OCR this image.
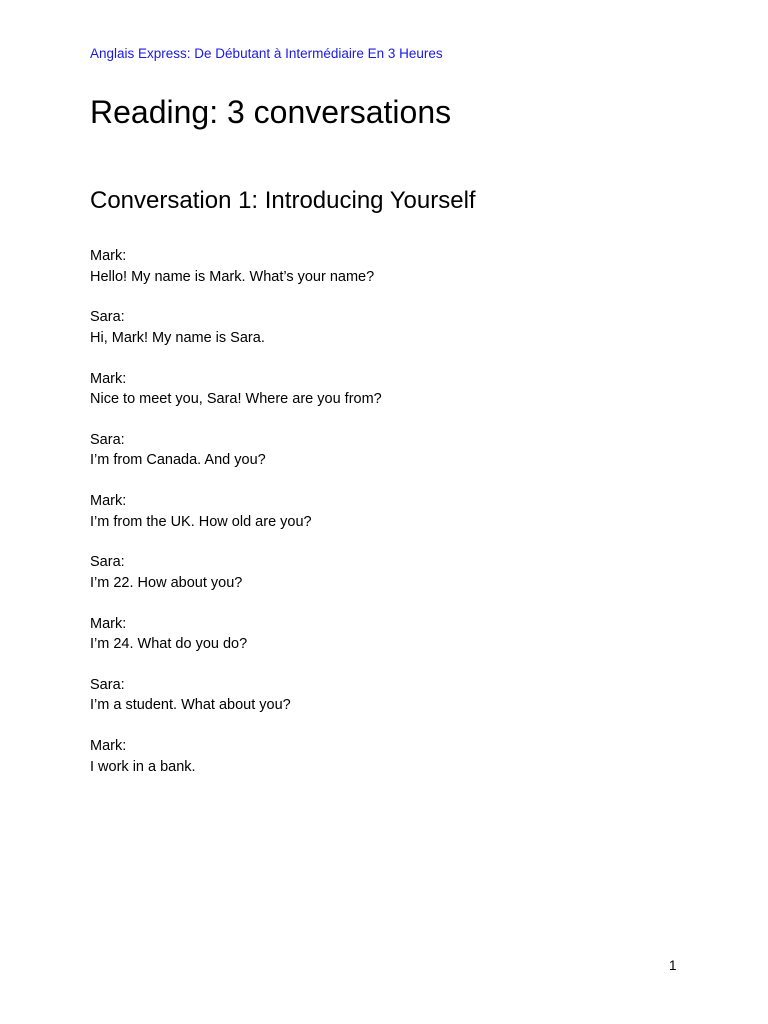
Anglais Express: De Débutant à Intermédiaire En 3 Heures
Reading: 3 conversations
Conversation 1: Introducing Yourself
Mark:
Hello! My name is Mark. What’s your name?
Sara:
Hi, Mark! My name is Sara.
Mark:
Nice to meet you, Sara! Where are you from?
Sara:
I’m from Canada. And you?
Mark:
I’m from the UK. How old are you?
Sara:
I’m 22. How about you?
Mark:
I’m 24. What do you do?
Sara:
I’m a student. What about you?
Mark:
I work in a bank.
1
